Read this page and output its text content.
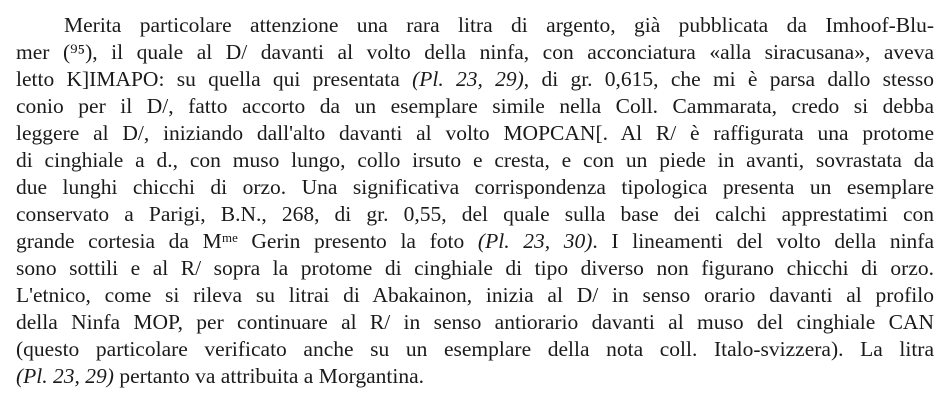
Merita particolare attenzione una rara litra di argento, già pubblicata da Imhoof-Blu-
mer (⁹⁵), il quale al D/ davanti al volto della ninfa, con acconciatura «alla siracusana», aveva
letto K]IMAPO: su quella qui presentata (Pl. 23, 29), di gr. 0,615, che mi è parsa dallo stesso
conio per il D/, fatto accorto da un esemplare simile nella Coll. Cammarata, credo si debba
leggere al D/, iniziando dall'alto davanti al volto MOPCAN[. Al R/ è raffigurata una protome
di cinghiale a d., con muso lungo, collo irsuto e cresta, e con un piede in avanti, sovrastata da
due lunghi chicchi di orzo. Una significativa corrispondenza tipologica presenta un esemplare
conservato a Parigi, B.N., 268, di gr. 0,55, del quale sulla base dei calchi apprestatimi con
grande cortesia da Mᵐᵉ Gerin presento la foto (Pl. 23, 30). I lineamenti del volto della ninfa
sono sottili e al R/ sopra la protome di cinghiale di tipo diverso non figurano chicchi di orzo.
L'etnico, come si rileva su litrai di Abakainon, inizia al D/ in senso orario davanti al profilo
della Ninfa MOP, per continuare al R/ in senso antiorario davanti al muso del cinghiale CAN
(questo particolare verificato anche su un esemplare della nota coll. Italo-svizzera). La litra
(Pl. 23, 29) pertanto va attribuita a Morgantina.
